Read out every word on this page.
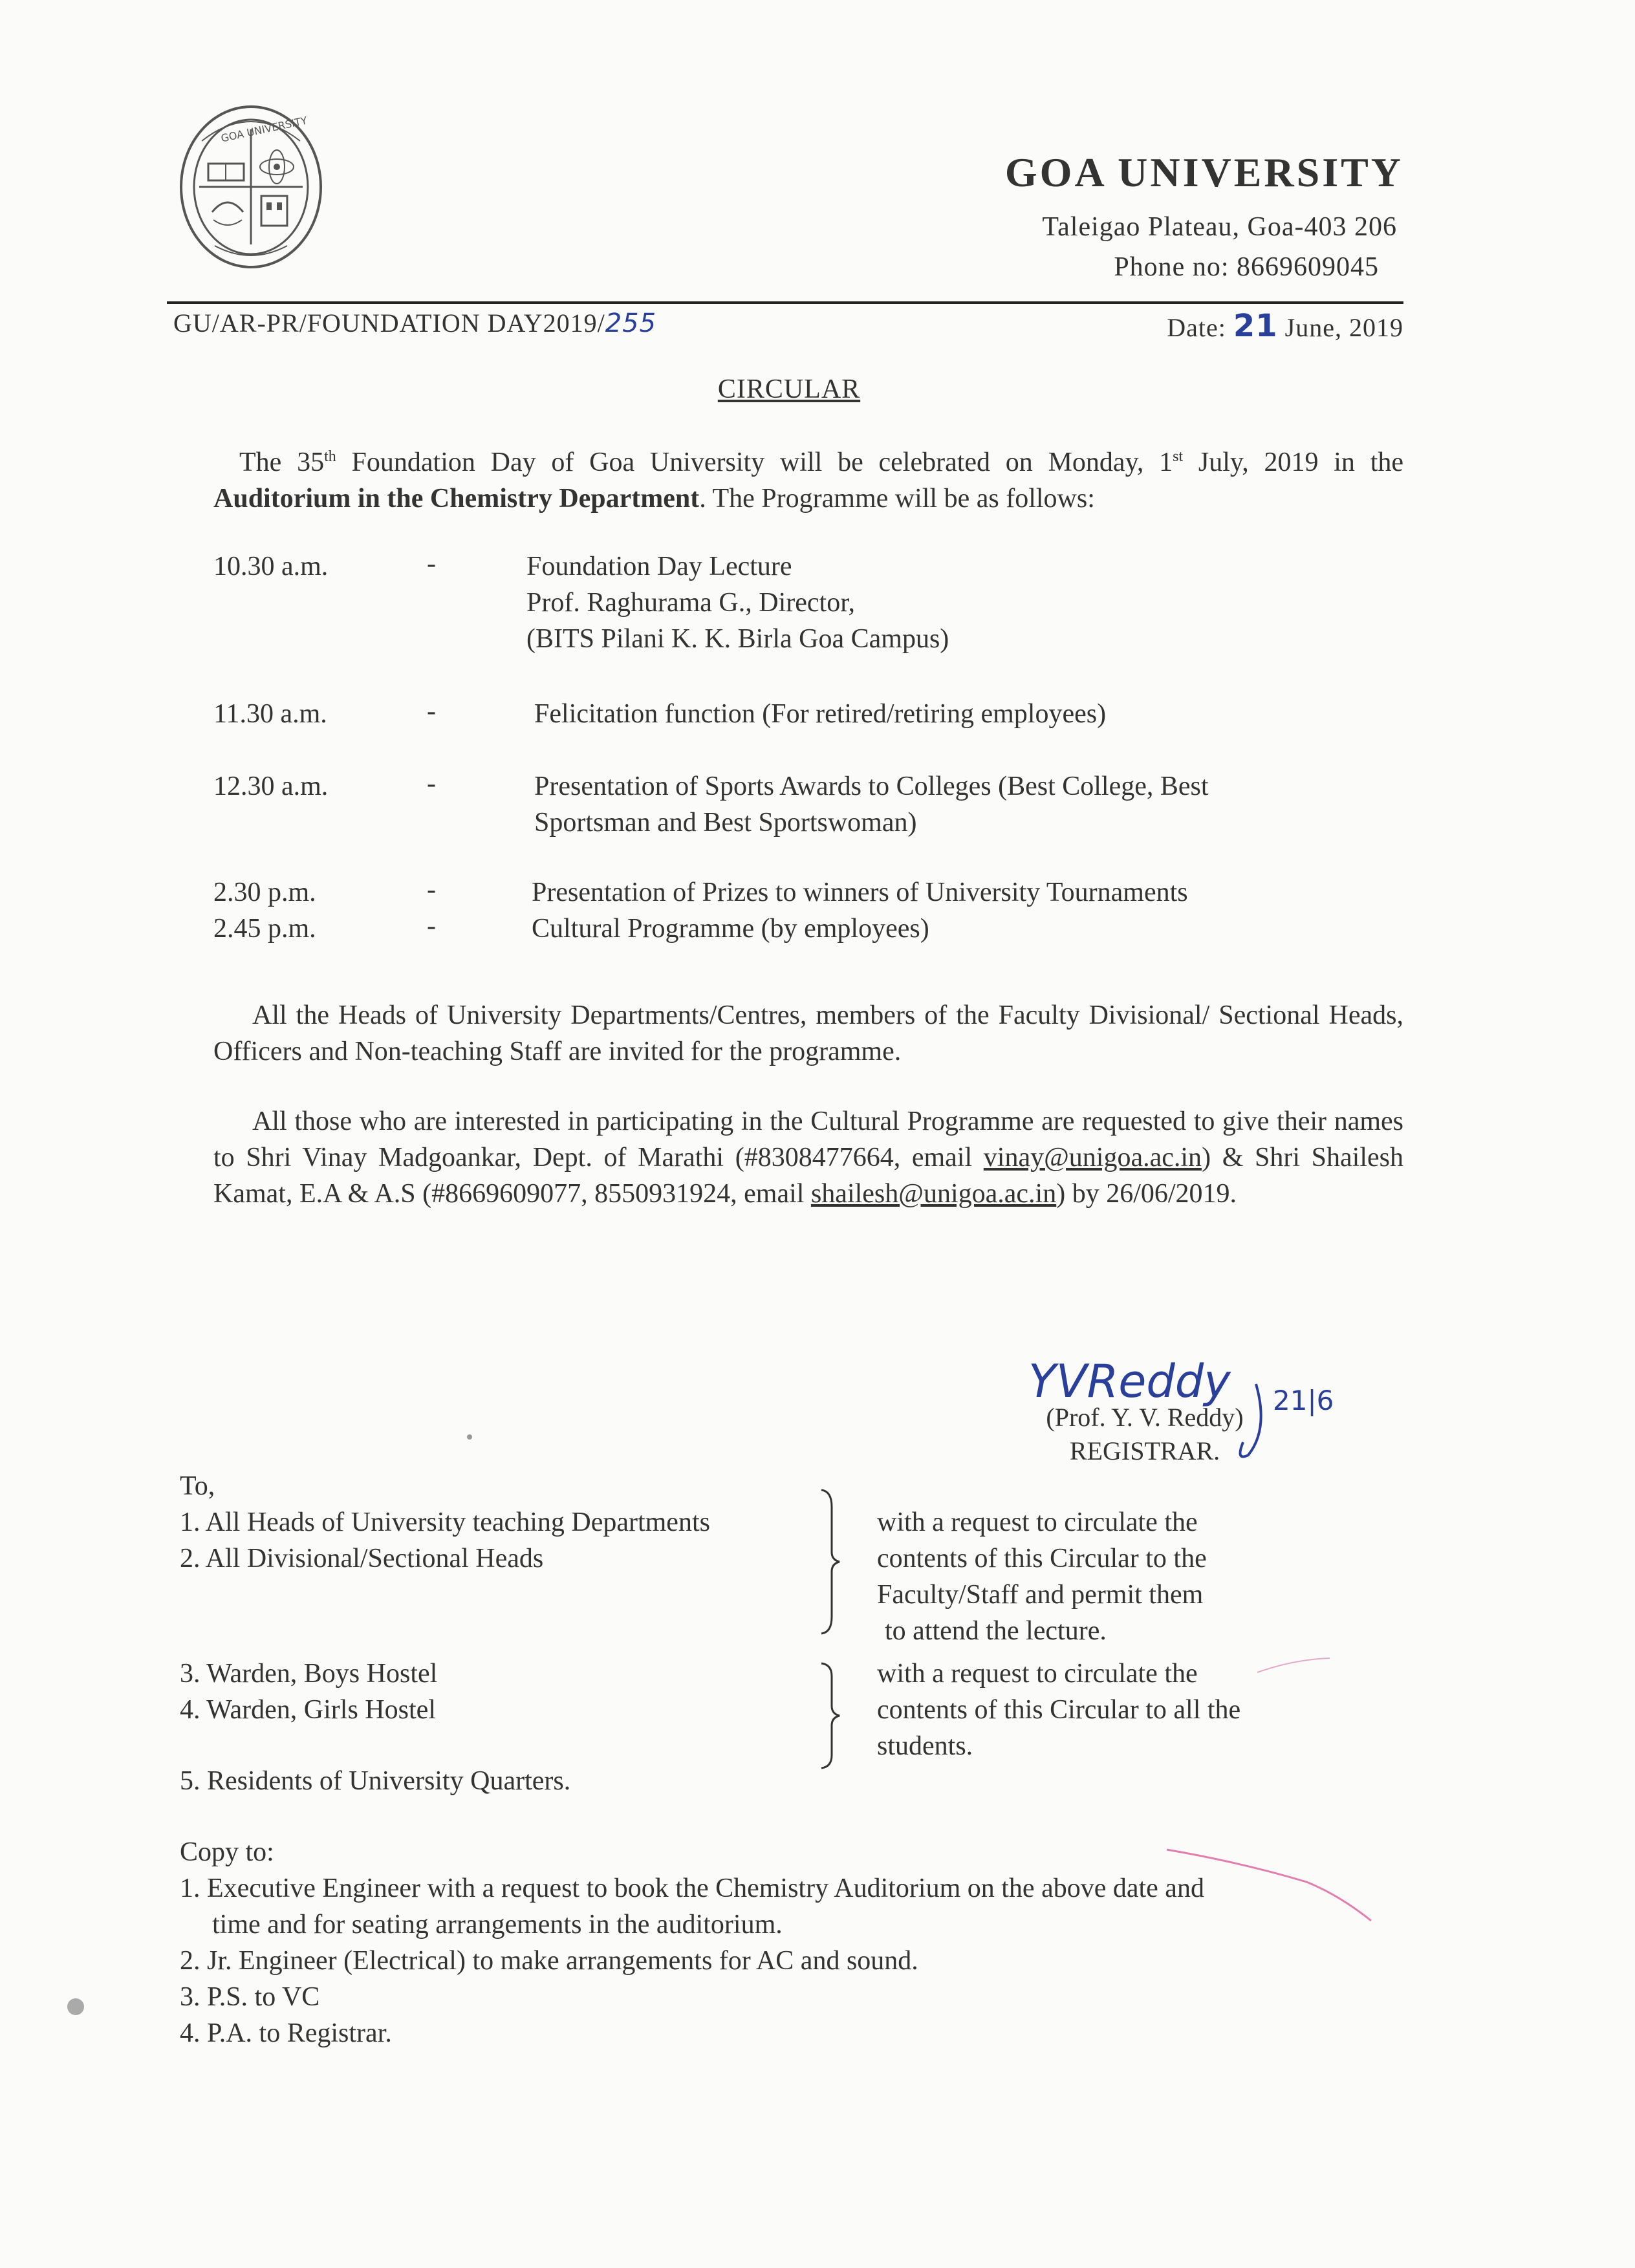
GOA UNIVERSITY
GOA UNIVERSITY
Taleigao Plateau, Goa-403 206
Phone no: 8669609045
GU/AR-PR/FOUNDATION DAY2019/255	Date: 21 June, 2019
CIRCULAR
The 35th Foundation Day of Goa University will be celebrated on Monday, 1st July, 2019 in the Auditorium in the Chemistry Department. The Programme will be as follows:
10.30 a.m.	-	Foundation Day Lecture
Prof. Raghurama G., Director,
(BITS Pilani K. K. Birla Goa Campus)
11.30 a.m.	-	Felicitation function (For retired/retiring employees)
12.30 a.m.	-	Presentation of Sports Awards to Colleges (Best College, Best
Sportsman and Best Sportswoman)
2.30 p.m.	-	Presentation of Prizes to winners of University Tournaments
2.45 p.m.	-	Cultural Programme (by employees)
All the Heads of University Departments/Centres, members of the Faculty Divisional/ Sectional Heads, Officers and Non-teaching Staff are invited for the programme.
All those who are interested in participating in the Cultural Programme are requested to give their names to Shri Vinay Madgoankar, Dept. of Marathi (#8308477664, email vinay@unigoa.ac.in) & Shri Shailesh Kamat, E.A & A.S (#8669609077, 8550931924, email shailesh@unigoa.ac.in) by 26/06/2019.
YVReddy 21|6
(Prof. Y. V. Reddy)
REGISTRAR.
To,
1. All Heads of University teaching Departments
2. All Divisional/Sectional Heads
with a request to circulate the
contents of this Circular to the
Faculty/Staff and permit them
to attend the lecture.
3. Warden, Boys Hostel
4. Warden, Girls Hostel
with a request to circulate the
contents of this Circular to all the
students.
5. Residents of University Quarters.
Copy to:
1. Executive Engineer with a request to book the Chemistry Auditorium on the above date and
time and for seating arrangements in the auditorium.
2. Jr. Engineer (Electrical) to make arrangements for AC and sound.
3. P.S. to VC
4. P.A. to Registrar.
